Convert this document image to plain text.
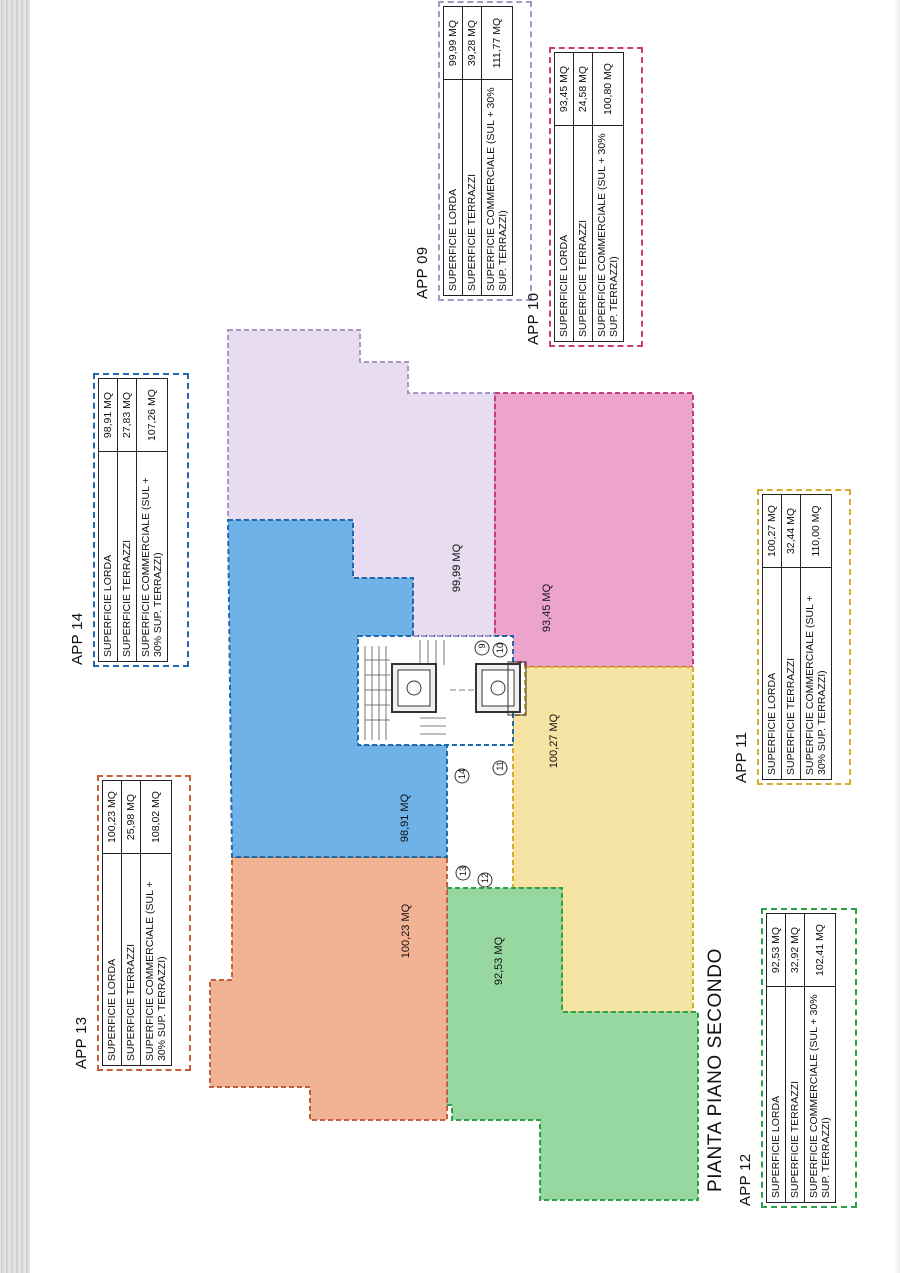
9 10
11
12
13
14
99,99 MQ
93,45 MQ
100,27 MQ
92,53 MQ
100,23 MQ
98,91 MQ
PIANTA PIANO SECONDO
APP 09 SUPERFICIE LORDA	99,99 MQ
SUPERFICIE TERRAZZI	39,28 MQ
SUPERFICIE COMMERCIALE (SUL + 30% SUP. TERRAZZI)	111,77 MQ
APP 10 SUPERFICIE LORDA	93,45 MQ
SUPERFICIE TERRAZZI	24,58 MQ
SUPERFICIE COMMERCIALE (SUL + 30% SUP. TERRAZZI)	100,80 MQ
APP 11 SUPERFICIE LORDA	100,27 MQ
SUPERFICIE TERRAZZI	32,44 MQ
SUPERFICIE COMMERCIALE (SUL + 30% SUP. TERRAZZI)	110,00 MQ
APP 12 SUPERFICIE LORDA	92,53 MQ
SUPERFICIE TERRAZZI	32,92 MQ
SUPERFICIE COMMERCIALE (SUL + 30% SUP. TERRAZZI)	102,41 MQ
APP 13 SUPERFICIE LORDA	100,23 MQ
SUPERFICIE TERRAZZI	25,98 MQ
SUPERFICIE COMMERCIALE (SUL + 30% SUP. TERRAZZI)	108,02 MQ
APP 14 SUPERFICIE LORDA	98,91 MQ
SUPERFICIE TERRAZZI	27,83 MQ
SUPERFICIE COMMERCIALE (SUL + 30% SUP. TERRAZZI)	107,26 MQ
